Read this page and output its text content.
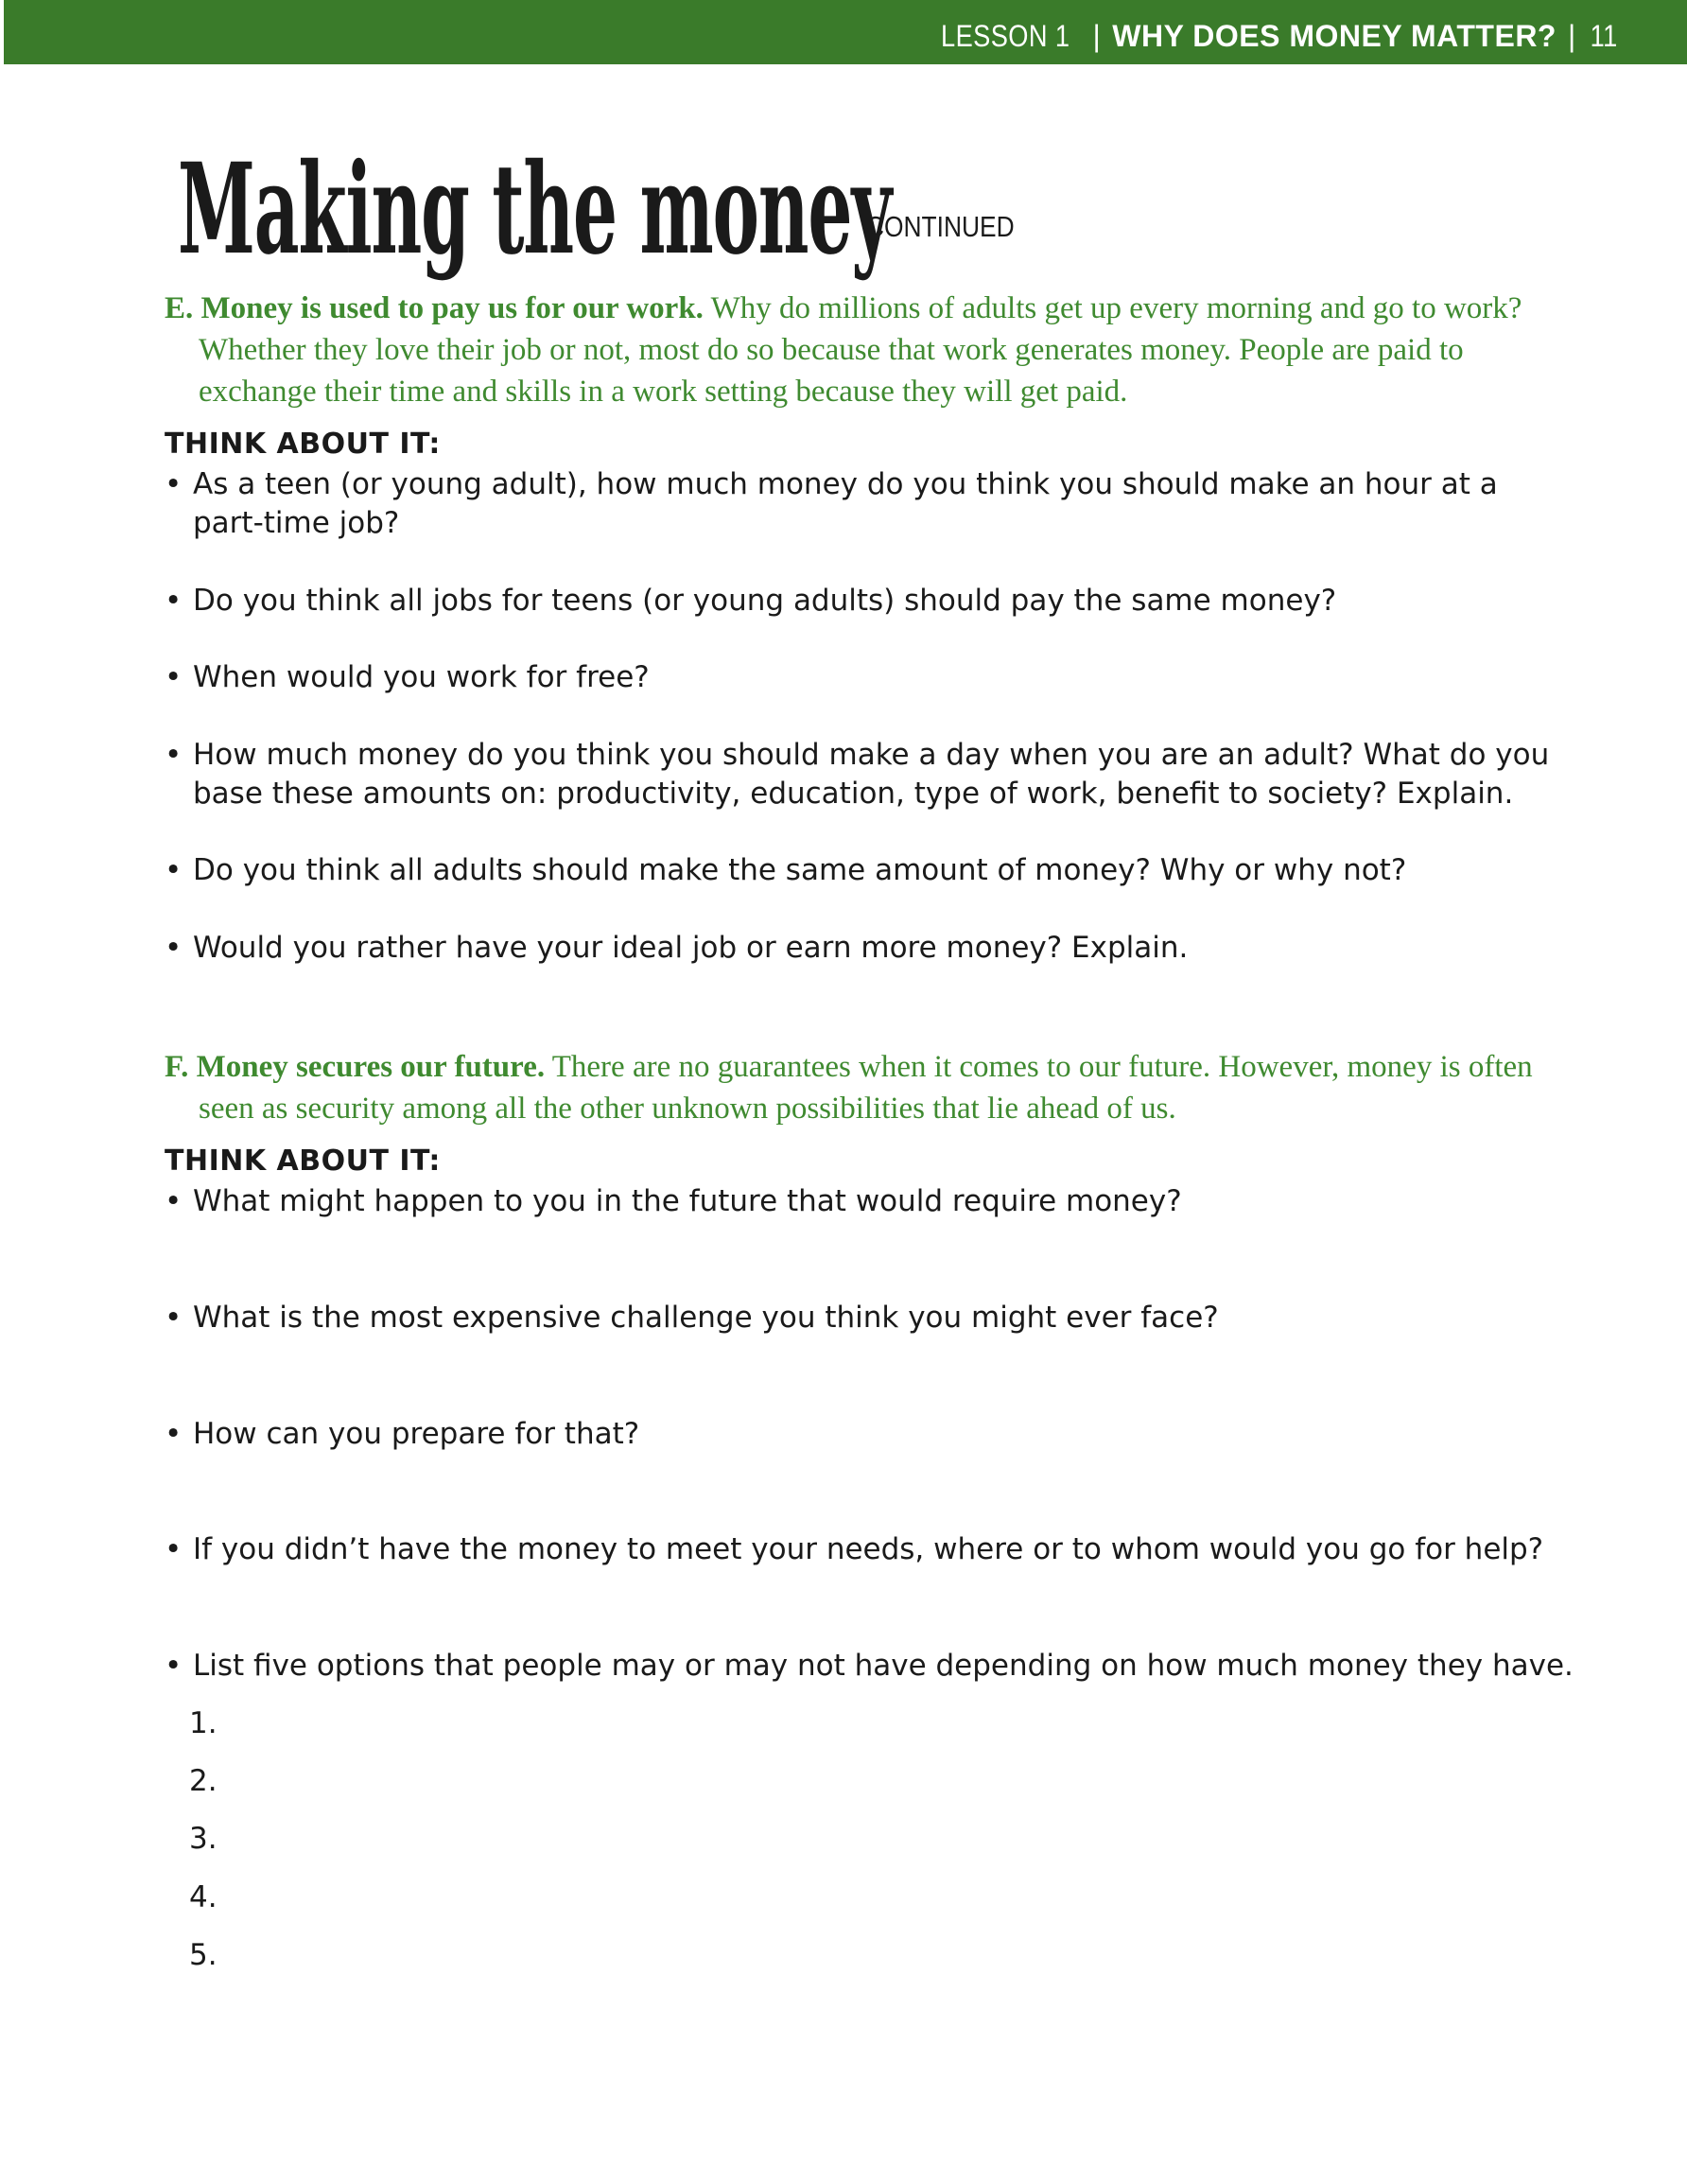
LESSON 1 | WHY DOES MONEY MATTER? | 11
Making the money
CONTINUED
E. Money is used to pay us for our work. Why do millions of adults get up every morning and go to work? Whether they love their job or not, most do so because that work generates money. People are paid to exchange their time and skills in a work setting because they will get paid.
THINK ABOUT IT:
• As a teen (or young adult), how much money do you think you should make an hour at a part-time job?
• Do you think all jobs for teens (or young adults) should pay the same money?
• When would you work for free?
• How much money do you think you should make a day when you are an adult? What do you base these amounts on: productivity, education, type of work, benefit to society? Explain.
• Do you think all adults should make the same amount of money? Why or why not?
• Would you rather have your ideal job or earn more money? Explain.
F. Money secures our future. There are no guarantees when it comes to our future. However, money is often seen as security among all the other unknown possibilities that lie ahead of us.
THINK ABOUT IT:
• What might happen to you in the future that would require money?
• What is the most expensive challenge you think you might ever face?
• How can you prepare for that?
• If you didn’t have the money to meet your needs, where or to whom would you go for help?
• List five options that people may or may not have depending on how much money they have.
1.
2.
3.
4.
5.
